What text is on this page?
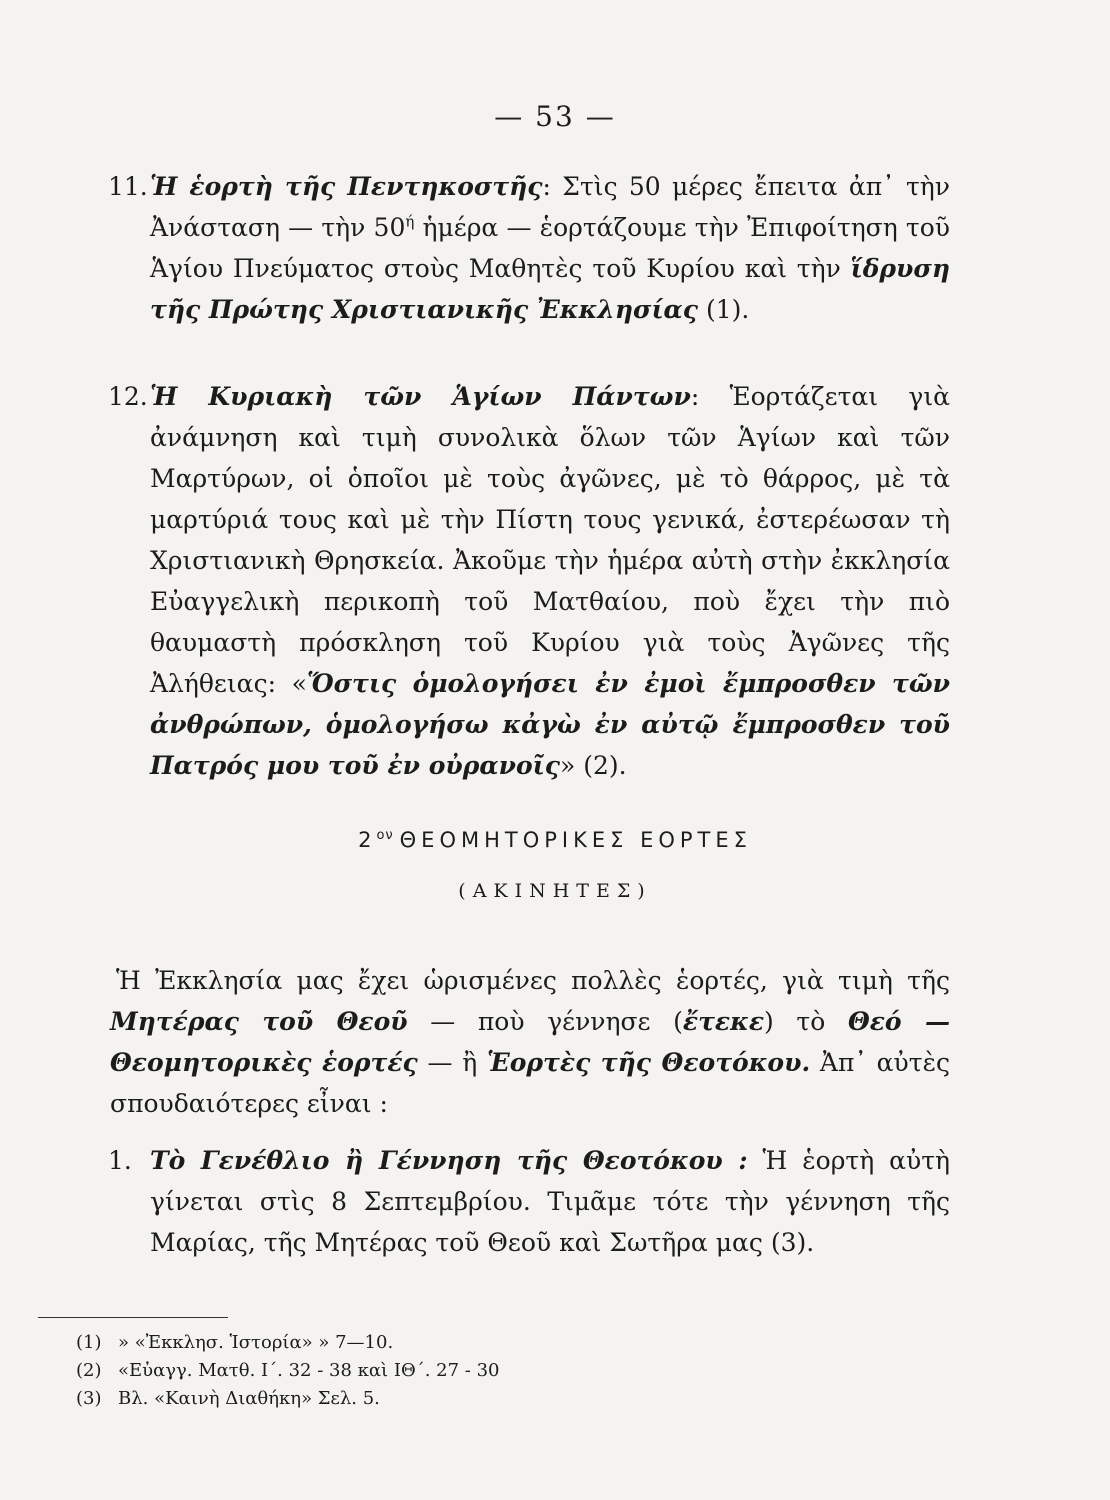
— 53 —
11. Ἡ ἑορτὴ τῆς Πεντηκοστῆς: Στὶς 50 μέρες ἔπειτα ἀπ᾽ τὴν Ἀνάσταση — τὴν $50^ή$ ἡμέρα — ἑορτάζουμε τὴν Ἐπιφοίτηση τοῦ Ἁγίου Πνεύματος στοὺς Μαθητὲς τοῦ Κυρίου καὶ τὴν ἵδρυση τῆς Πρώτης Χριστιανικῆς Ἐκκλησίας (1).
12. Ἡ Κυριακὴ τῶν Ἁγίων Πάντων: Ἑορτάζεται γιὰ ἀνάμνηση καὶ τιμὴ συνολικὰ ὅλων τῶν Ἁγίων καὶ τῶν Μαρτύρων, οἱ ὁποῖοι μὲ τοὺς ἀγῶνες, μὲ τὸ θάρρος, μὲ τὰ μαρτύριά τους καὶ μὲ τὴν Πίστη τους γενικά, ἐστερέωσαν τὴ Χριστιανικὴ Θρησκεία. Ἀκοῦμε τὴν ἡμέρα αὐτὴ στὴν ἐκκλησία Εὐαγγελικὴ περικοπὴ τοῦ Ματθαίου, ποὺ ἔχει τὴν πιὸ θαυμαστὴ πρόσκληση τοῦ Κυρίου γιὰ τοὺς Ἀγῶνες τῆς Ἀλήθειας: «Ὅστις ὁμολογήσει ἐν ἐμοὶ ἔμπροσθεν τῶν ἀνθρώπων, ὁμολογήσω κἀγὼ ἐν αὐτῷ ἔμπροσθεν τοῦ Πατρός μου τοῦ ἐν οὐρανοῖς» (2).
$2^{o\nu}$ ΘΕΟΜΗΤΟΡΙΚΕΣ ΕΟΡΤΕΣ
(ΑΚΙΝΗΤΕΣ)
Ἡ Ἐκκλησία μας ἔχει ὡρισμένες πολλὲς ἑορτές, γιὰ τιμὴ τῆς Μητέρας τοῦ Θεοῦ — ποὺ γέννησε (ἔτεκε) τὸ Θεό — Θεομητορικὲς ἑορτές — ἢ Ἑορτὲς τῆς Θεοτόκου. Ἀπ᾽ αὐτὲς σπουδαιότερες εἶναι :
1. Τὸ Γενέθλιο ἢ Γέννηση τῆς Θεοτόκου : Ἡ ἑορτὴ αὐτὴ γίνεται στὶς 8 Σεπτεμβρίου. Τιμᾶμε τότε τὴν γέννηση τῆς Μαρίας, τῆς Μητέρας τοῦ Θεοῦ καὶ Σωτῆρα μας (3).
(1) » «Ἐκκλησ. Ἱστορία» » 7—10.
(2) «Εὐαγγ. Ματθ. Ι΄. 32 - 38 καὶ ΙΘ΄. 27 - 30
(3) Βλ. «Καινὴ Διαθήκη» Σελ. 5.
